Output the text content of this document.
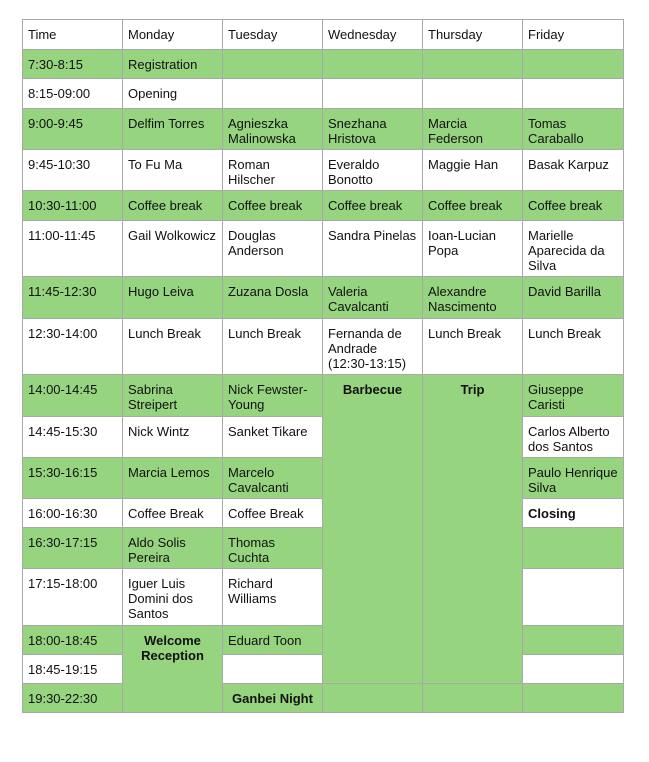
Time	Monday	Tuesday	Wednesday	Thursday	Friday	
7:30-8:15	Registration					
8:15-09:00	Opening					
9:00-9:45	Delfim Torres	Agnieszka Malinowska	Snezhana Hristova	Marcia Federson	Tomas Caraballo	
9:45-10:30	To Fu Ma	Roman Hilscher	Everaldo Bonotto	Maggie Han	Basak Karpuz	
10:30-11:00	Coffee break	Coffee break	Coffee break	Coffee break	Coffee break	
11:00-11:45	Gail Wolkowicz	Douglas Anderson	Sandra Pinelas	Ioan-Lucian Popa	Marielle Aparecida da Silva	
11:45-12:30	Hugo Leiva	Zuzana Dosla	Valeria Cavalcanti	Alexandre Nascimento	David Barilla	
12:30-14:00	Lunch Break	Lunch Break	Fernanda de Andrade (12:30-13:15)	Lunch Break	Lunch Break	
14:00-14:45	Sabrina Streipert	Nick Fewster-Young	Barbecue	Trip	Giuseppe Caristi	
14:45-15:30	Nick Wintz	Sanket Tikare			Carlos Alberto dos Santos	
15:30-16:15	Marcia Lemos	Marcelo Cavalcanti			Paulo Henrique Silva	
16:00-16:30	Coffee Break	Coffee Break			Closing	
16:30-17:15	Aldo Solis Pereira	Thomas Cuchta				
17:15-18:00	Iguer Luis Domini dos Santos	Richard Williams				
18:00-18:45	Welcome Reception	Eduard Toon				
18:45-19:15						
19:30-22:30		Ganbei Night				
